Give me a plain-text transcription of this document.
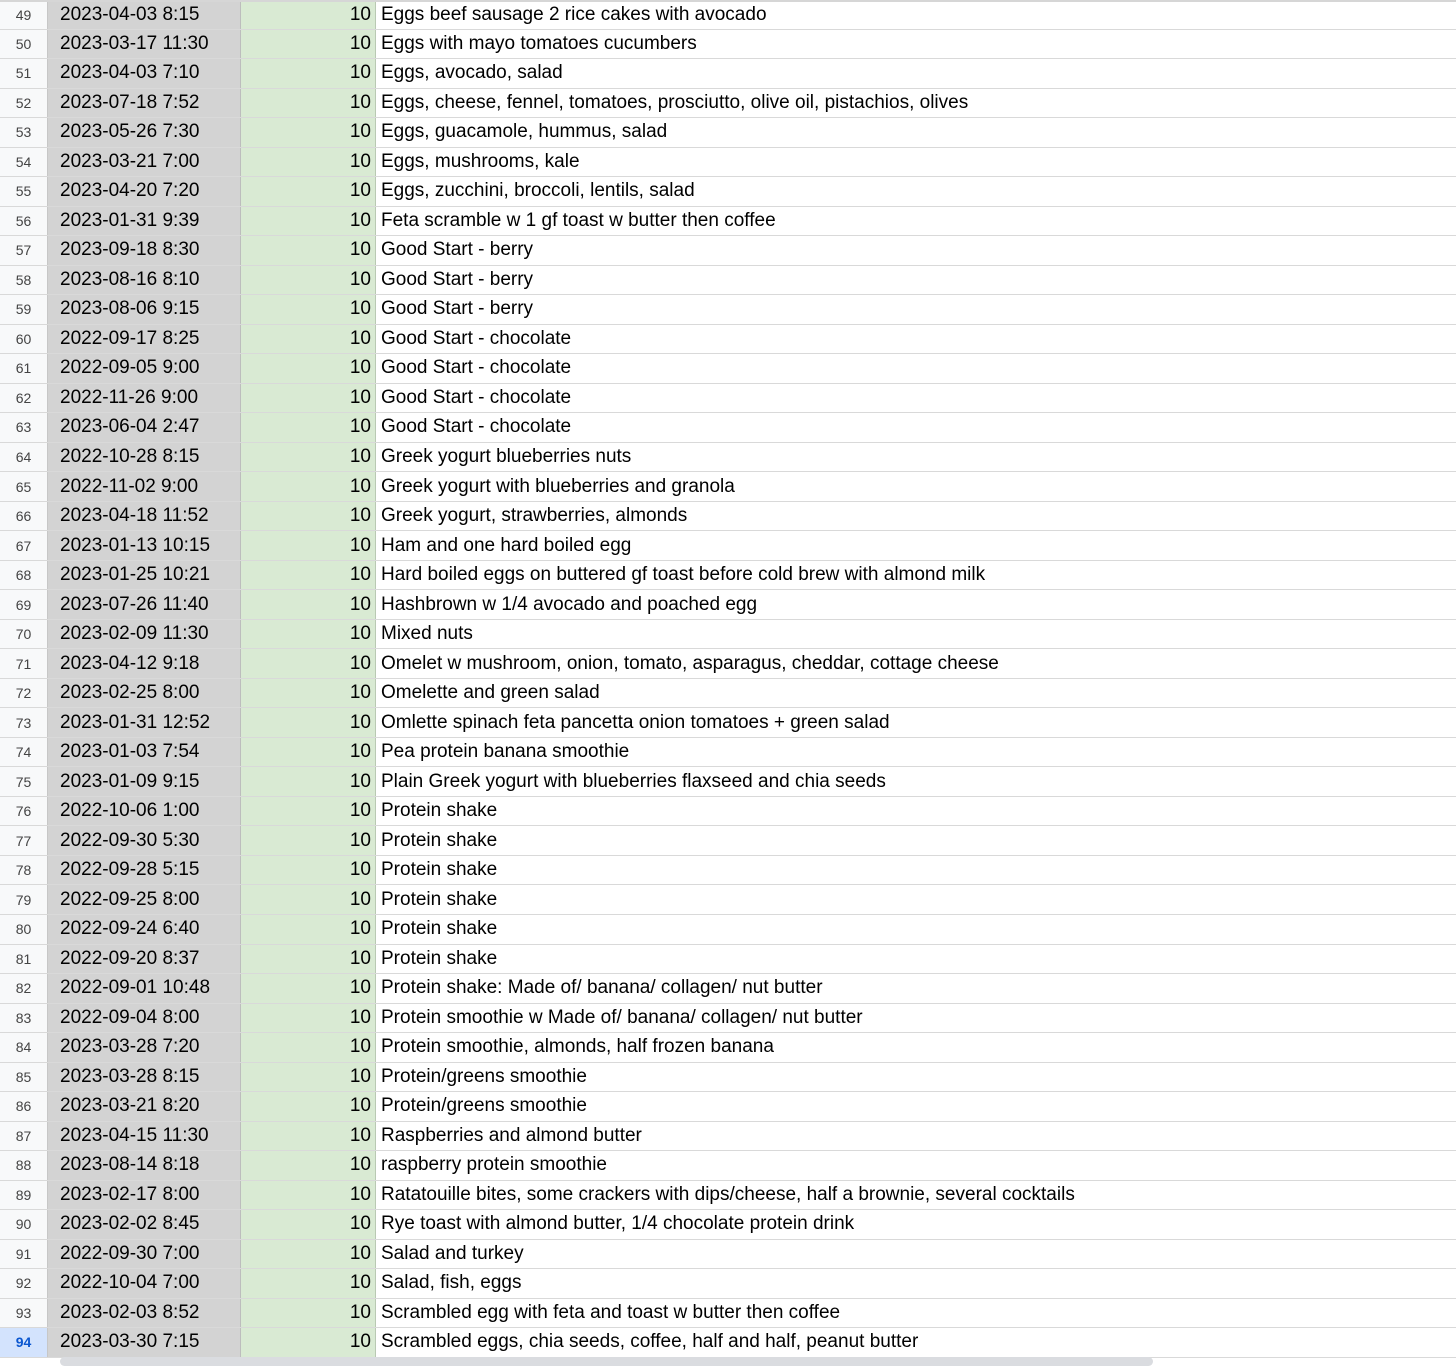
49	2023-04-03 8:15	10 Eggs beef sausage 2 rice cakes with avocado
50	2023-03-17 11:30	10 Eggs with mayo tomatoes cucumbers
51	2023-04-03 7:10	10 Eggs, avocado, salad
52	2023-07-18 7:52	10 Eggs, cheese, fennel, tomatoes, prosciutto, olive oil, pistachios, olives
53	2023-05-26 7:30	10 Eggs, guacamole, hummus, salad
54	2023-03-21 7:00	10 Eggs, mushrooms, kale
55	2023-04-20 7:20	10 Eggs, zucchini, broccoli, lentils, salad
56	2023-01-31 9:39	10 Feta scramble w 1 gf toast w butter then coffee
57	2023-09-18 8:30	10 Good Start - berry
58	2023-08-16 8:10	10 Good Start - berry
59	2023-08-06 9:15	10 Good Start - berry
60	2022-09-17 8:25	10 Good Start - chocolate
61	2022-09-05 9:00	10 Good Start - chocolate
62	2022-11-26 9:00	10 Good Start - chocolate
63	2023-06-04 2:47	10 Good Start - chocolate
64	2022-10-28 8:15	10 Greek yogurt blueberries nuts
65	2022-11-02 9:00	10 Greek yogurt with blueberries and granola
66	2023-04-18 11:52	10 Greek yogurt, strawberries, almonds
67	2023-01-13 10:15	10 Ham and one hard boiled egg
68	2023-01-25 10:21	10 Hard boiled eggs on buttered gf toast before cold brew with almond milk
69	2023-07-26 11:40	10 Hashbrown w 1/4 avocado and poached egg
70	2023-02-09 11:30	10 Mixed nuts
71	2023-04-12 9:18	10 Omelet w mushroom, onion, tomato, asparagus, cheddar, cottage cheese
72	2023-02-25 8:00	10 Omelette and green salad
73	2023-01-31 12:52	10 Omlette spinach feta pancetta onion tomatoes + green salad
74	2023-01-03 7:54	10 Pea protein banana smoothie
75	2023-01-09 9:15	10 Plain Greek yogurt with blueberries flaxseed and chia seeds
76	2022-10-06 1:00	10 Protein shake
77	2022-09-30 5:30	10 Protein shake
78	2022-09-28 5:15	10 Protein shake
79	2022-09-25 8:00	10 Protein shake
80	2022-09-24 6:40	10 Protein shake
81	2022-09-20 8:37	10 Protein shake
82	2022-09-01 10:48	10 Protein shake: Made of/ banana/ collagen/ nut butter
83	2022-09-04 8:00	10 Protein smoothie w Made of/ banana/ collagen/ nut butter
84	2023-03-28 7:20	10 Protein smoothie, almonds, half frozen banana
85	2023-03-28 8:15	10 Protein/greens smoothie
86	2023-03-21 8:20	10 Protein/greens smoothie
87	2023-04-15 11:30	10 Raspberries and almond butter
88	2023-08-14 8:18	10 raspberry protein smoothie
89	2023-02-17 8:00	10 Ratatouille bites, some crackers with dips/cheese, half a brownie, several cocktails
90	2023-02-02 8:45	10 Rye toast with almond butter, 1/4 chocolate protein drink
91	2022-09-30 7:00	10 Salad and turkey
92	2022-10-04 7:00	10 Salad, fish, eggs
93	2023-02-03 8:52	10 Scrambled egg with feta and toast w butter then coffee
94	2023-03-30 7:15	10 Scrambled eggs, chia seeds, coffee, half and half, peanut butter
